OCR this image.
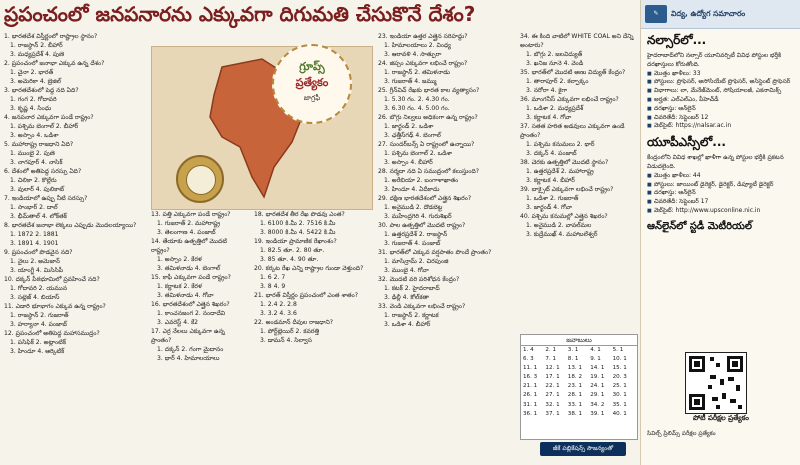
ప్రపంచంలో జనపనారను ఎక్కువగా దిగుమతి చేసుకొనే దేశం?
1. భారతదేశ విస్తీర్ణంలో రాష్ట్రాల స్థానం?
1. రాజస్థాన్ 2. బీహార్
3. మధ్యప్రదేశ్ 4. పుణె
2. ప్రపంచంలో జనాభా ఎక్కువ ఉన్న దేశం?
1. చైనా 2. భారత్
3. అమెరికా 4. బ్రెజిల్
3. భారతదేశంలో పెద్ద నది ఏది?
1. గంగ 2. గోదావరి
3. కృష్ణ 4. సింధు
4. జనపనార ఎక్కువగా పండే రాష్ట్రం?
1. పశ్చిమ బెంగాల్ 2. బీహార్
3. అస్సాం 4. ఒడిశా
5. మహారాష్ట్ర రాజధాని ఏది?
1. ముంబై 2. పుణె
3. నాగపూర్ 4. నాసిక్
6. దేశంలో అతిపెద్ద సరస్సు ఏది?
1. చిలికా 2. కొల్లేరు
3. వులార్ 4. పులికాట్
7. ఇండియాలో ఉప్పు నీటి సరస్సు?
1. సాంభార్ 2. దాల్
3. భీమ్‌తాల్ 4. లోక్‌తక్
8. భారతదేశ జనాభా లెక్కలు ఎప్పుడు మొదలయ్యాయి?
1. 1872 2. 1881
3. 1891 4. 1901
9. ప్రపంచంలో పొడవైన నది?
1. నైలు 2. అమెజాన్
3. యాంగ్జీ 4. మిసిసిపీ
10. దక్కన్ పీఠభూమిలో ప్రవహించే నది?
1. గోదావరి 2. యమున
3. సట్లెజ్ 4. బియాస్
11. ఎడారి భూభాగం ఎక్కువ ఉన్న రాష్ట్రం?
1. రాజస్థాన్ 2. గుజరాత్
3. హర్యానా 4. పంజాబ్
12. ప్రపంచంలో అతిపెద్ద మహాసముద్రం?
1. పసిఫిక్ 2. అట్లాంటిక్
3. హిందూ 4. ఆర్కిటిక్
గ్రూప్స్
ప్రత్యేకం
జాగ్రఫీ
13. పత్తి ఎక్కువగా పండే రాష్ట్రం?
1. గుజరాత్ 2. మహారాష్ట్ర
3. తెలంగాణ 4. పంజాబ్
14. తేయాకు ఉత్పత్తిలో మొదటి రాష్ట్రం?
1. అస్సాం 2. కేరళ
3. తమిళనాడు 4. బెంగాల్
15. కాఫీ ఎక్కువగా పండే రాష్ట్రం?
1. కర్ణాటక 2. కేరళ
3. తమిళనాడు 4. గోవా
16. భారతదేశంలో ఎత్తైన శిఖరం?
1. కాంచనజంగ 2. నందాదేవి
3. ఎవరెస్ట్ 4. కే2
17. ఎర్ర నేలలు ఎక్కువగా ఉన్న ప్రాంతం?
1. దక్కన్ 2. గంగా మైదానం
3. థార్ 4. హిమాలయాలు
18. భారతదేశ తీర రేఖ పొడవు ఎంత?
1. 6100 కి.మీ 2. 7516 కి.మీ
3. 8000 కి.మీ 4. 5422 కి.మీ
19. ఇండియా ప్రామాణిక రేఖాంశం?
1. 82.5 తూ. 2. 80 తూ.
3. 85 తూ. 4. 90 తూ.
20. కర్కట రేఖ ఎన్ని రాష్ట్రాల గుండా వెళ్తుంది?
1. 6 2. 7
3. 8 4. 9
21. భారత్ విస్తీర్ణం ప్రపంచంలో ఎంత శాతం?
1. 2.4 2. 2.8
3. 3.2 4. 3.6
22. అండమాన్ దీవుల రాజధాని?
1. పోర్ట్‌బ్లెయిర్ 2. కవరత్తి
3. డామన్ 4. సిల్వాస
23. ఇండియా ఉత్తర ఎత్తైన సరిహద్దు?
1. హిమాలయాలు 2. వింధ్య
3. ఆరావళి 4. సాత్పురా
24. జిప్సం ఎక్కువగా లభించే రాష్ట్రం?
1. రాజస్థాన్ 2. తమిళనాడు
3. గుజరాత్ 4. జమ్ము
25. గ్రీన్‌విచ్ రేఖకు భారత కాల వ్యత్యాసం?
1. 5.30 గం. 2. 4.30 గం.
3. 6.30 గం. 4. 5.00 గం.
26. బొగ్గు నిల్వలు అధికంగా ఉన్న రాష్ట్రం?
1. జార్ఖండ్ 2. ఒడిశా
3. ఛత్తీస్‌గఢ్ 4. బెంగాల్
27. సుందర్‌బన్స్ ఏ రాష్ట్రంలో ఉన్నాయి?
1. పశ్చిమ బెంగాల్ 2. ఒడిశా
3. అస్సాం 4. బీహార్
28. నర్మదా నది ఏ సముద్రంలో కలుస్తుంది?
1. అరేబియా 2. బంగాళాఖాతం
3. హిందూ 4. ఏదీకాదు
29. దక్షిణ భారతదేశంలో ఎత్తైన శిఖరం?
1. అనైముడి 2. దొడబెట్ట
3. మహేంద్రగిరి 4. గురుశిఖర్
30. పాల ఉత్పత్తిలో మొదటి రాష్ట్రం?
1. ఉత్తరప్రదేశ్ 2. రాజస్థాన్
3. గుజరాత్ 4. పంజాబ్
31. భారత్‌లో ఎక్కువ వర్షపాతం పొందే ప్రాంతం?
1. మాసిన్రామ్ 2. చిరపుంజి
3. ముంబై 4. గోవా
32. మొదటి వరి పరిశోధన కేంద్రం?
1. కటక్ 2. హైదరాబాద్
3. ఢిల్లీ 4. కోల్‌కతా
33. వెండి ఎక్కువగా లభించే రాష్ట్రం?
1. రాజస్థాన్ 2. కర్ణాటక
3. ఒడిశా 4. బీహార్
34. ఈ కింది వాటిలో WHITE COAL అని దేన్ని అంటారు?
1. బొగ్గు 2. జలవిద్యుత్
3. ఖనిజ నూనె 4. వెండి
35. భారత్‌లో మొదటి అణు విద్యుత్ కేంద్రం?
1. తారాపూర్ 2. కల్పాక్కం
3. నరోరా 4. కైగా
36. మాంగనీస్ ఎక్కువగా లభించే రాష్ట్రం?
1. ఒడిశా 2. మధ్యప్రదేశ్
3. కర్ణాటక 4. గోవా
37. సతత హరిత అడవులు ఎక్కువగా ఉండే ప్రాంతం?
1. పశ్చిమ కనుమలు 2. థార్
3. దక్కన్ 4. పంజాబ్
38. చెరకు ఉత్పత్తిలో మొదటి స్థానం?
1. ఉత్తరప్రదేశ్ 2. మహారాష్ట్ర
3. కర్ణాటక 4. బీహార్
39. బాక్సైట్ ఎక్కువగా లభించే రాష్ట్రం?
1. ఒడిశా 2. గుజరాత్
3. జార్ఖండ్ 4. గోవా
40. పశ్చిమ కనుమల్లో ఎత్తైన శిఖరం?
1. అనైముడి 2. వావల్‌మల
3. కుద్రేముఖ్ 4. మహాబలేశ్వర్
జవాబులు
1. 4	2. 1	3. 1	4. 1	5. 1
6. 3	7. 1	8. 1	9. 1	10. 1
11. 1	12. 1	13. 1	14. 1	15. 1
16. 3	17. 1	18. 2	19. 1	20. 3
21. 1	22. 1	23. 1	24. 1	25. 1
26. 1	27. 1	28. 1	29. 1	30. 1
31. 1	32. 1	33. 1	34. 2	35. 1
36. 1	37. 1	38. 1	39. 1	40. 1
జీకే పబ్లికేషన్స్ సౌజన్యంతో
✎	విద్య, ఉద్యోగ సమాచారం
నల్సార్‌లో...
హైదరాబాద్‌లోని నల్సార్ యూనివర్సిటీ వివిధ పోస్టుల భర్తీకి దరఖాస్తులు కోరుతోంది.
■ మొత్తం ఖాళీలు: 33
■ పోస్టులు: ప్రొఫెసర్, అసోసియేట్ ప్రొఫెసర్, అసిస్టెంట్ ప్రొఫెసర్
■ విభాగాలు: లా, మేనేజ్‌మెంట్, సోషియాలజీ, ఎకనామిక్స్
■ అర్హత: ఎల్ఎల్ఎం, పీహెచ్‌డీ
■ దరఖాస్తు: ఆన్‌లైన్
■ చివరితేదీ: సెప్టెంబర్ 12
■ వెబ్‌సైట్: https://nalsar.ac.in
యూపీఎస్సీలో...
కేంద్రంలోని వివిధ శాఖల్లో ఖాళీగా ఉన్న పోస్టుల భర్తీకి ప్రకటన విడుదలైంది.
■ మొత్తం ఖాళీలు: 44
■ పోస్టులు: జాయింట్ డైరెక్టర్, డైరెక్టర్, డిప్యూటీ డైరెక్టర్
■ దరఖాస్తు: ఆన్‌లైన్
■ చివరితేదీ: సెప్టెంబర్ 17
■ వెబ్‌సైట్: http://www.upsconline.nic.in
ఆన్‌లైన్‌లో స్టడీ మెటీరియల్
పోటీ పరీక్షల ప్రత్యేకం
సివిల్స్ ప్రిలిమ్స్ పరీక్షల ప్రత్యేకం
